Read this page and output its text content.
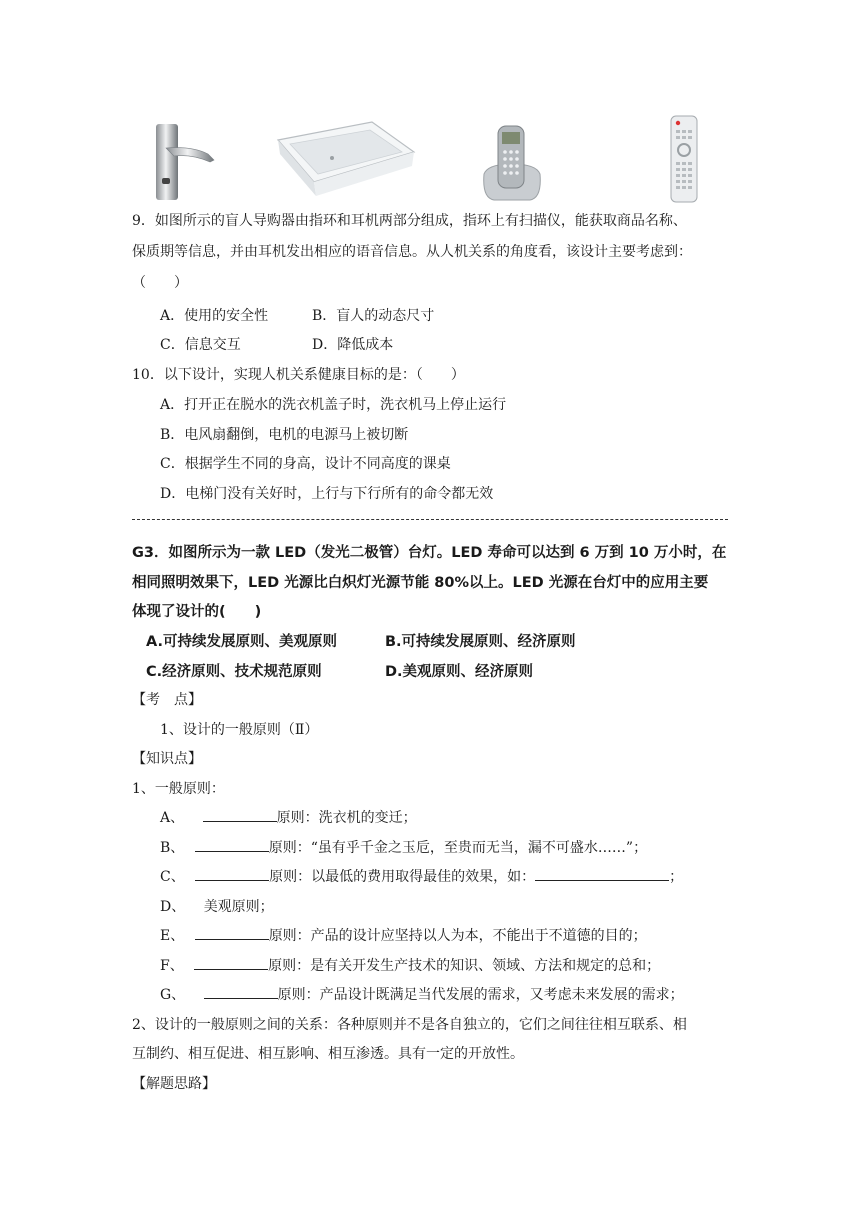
9．如图所示的盲人导购器由指环和耳机两部分组成，指环上有扫描仪，能获取商品名称、
保质期等信息，并由耳机发出相应的语音信息。从人机关系的角度看，该设计主要考虑到：
（　　）
A．使用的安全性	B．盲人的动态尺寸
C．信息交互	D．降低成本
10．以下设计，实现人机关系健康目标的是：（　　）
A．打开正在脱水的洗衣机盖子时，洗衣机马上停止运行
B．电风扇翻倒，电机的电源马上被切断
C．根据学生不同的身高，设计不同高度的课桌
D．电梯门没有关好时，上行与下行所有的命令都无效
G3．如图所示为一款 LED（发光二极管）台灯。LED 寿命可以达到 6 万到 10 万小时，在
相同照明效果下，LED 光源比白炽灯光源节能 80%以上。LED 光源在台灯中的应用主要
体现了设计的(　　)
A.可持续发展原则、美观原则	B.可持续发展原则、经济原则
C.经济原则、技术规范原则	D.美观原则、经济原则
【考　点】
1、设计的一般原则（Ⅱ）
【知识点】
1、一般原则：
A、	原则：洗衣机的变迁；
B、	原则：“虽有乎千金之玉卮，至贵而无当，漏不可盛水……”；
C、	原则：以最低的费用取得最佳的效果，如：	；
D、 美观原则；
E、	原则：产品的设计应坚持以人为本，不能出于不道德的目的；
F、	原则：是有关开发生产技术的知识、领域、方法和规定的总和；
G、	原则：产品设计既满足当代发展的需求，又考虑未来发展的需求；
2、设计的一般原则之间的关系：各种原则并不是各自独立的，它们之间往往相互联系、相
互制约、相互促进、相互影响、相互渗透。具有一定的开放性。
【解题思路】
